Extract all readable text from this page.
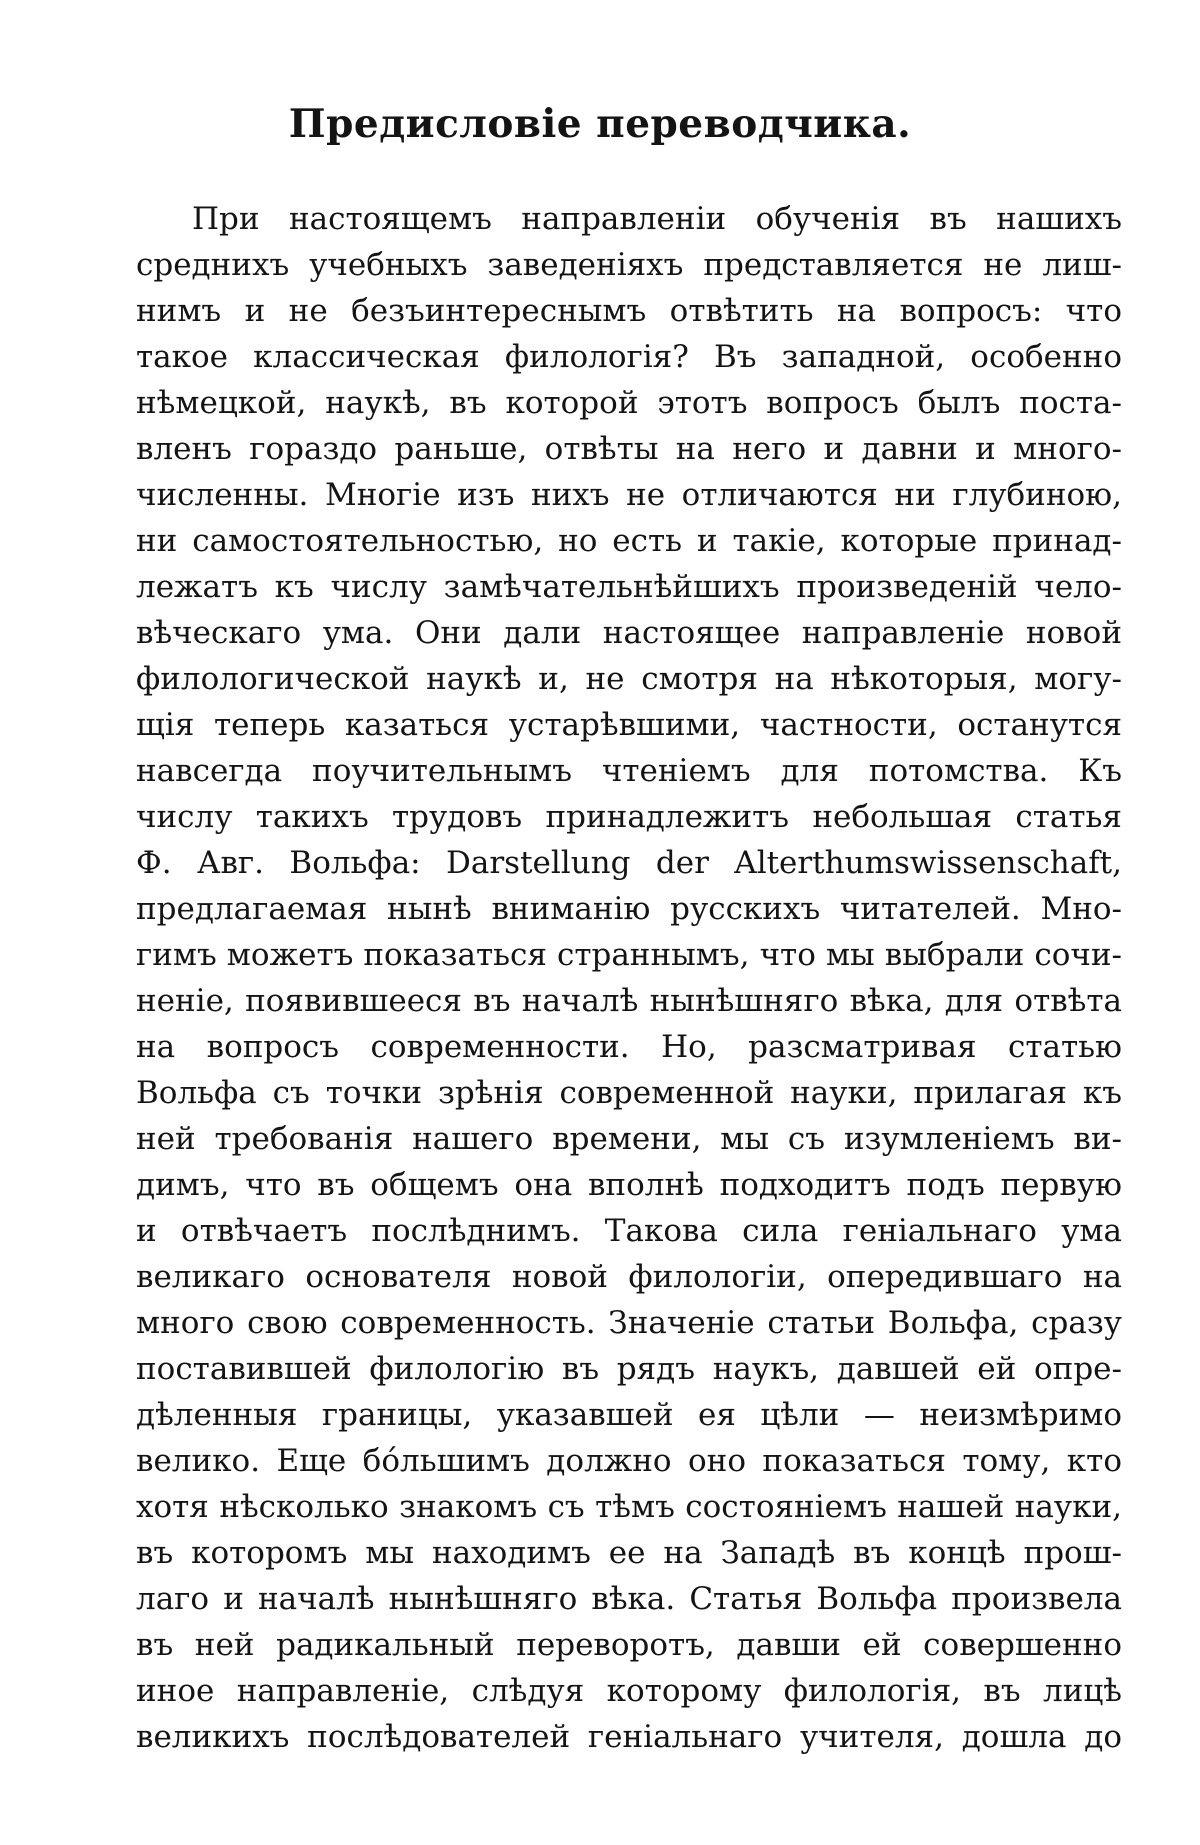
Предисловіе переводчика.
При настоящемъ направленіи обученія въ нашихъ
среднихъ учебныхъ заведеніяхъ представляется не лиш-
нимъ и не безъинтереснымъ отвѣтить на вопросъ: что
такое классическая филологія? Въ западной, особенно
нѣмецкой, наукѣ, въ которой этотъ вопросъ былъ поста-
вленъ гораздо раньше, отвѣты на него и давни и много-
численны. Многіе изъ нихъ не отличаются ни глубиною,
ни самостоятельностью, но есть и такіе, которые принад-
лежатъ къ числу замѣчательнѣйшихъ произведеній чело-
вѣческаго ума. Они дали настоящее направленіе новой
филологической наукѣ и, не смотря на нѣкоторыя, могу-
щія теперь казаться устарѣвшими, частности, останутся
навсегда поучительнымъ чтеніемъ для потомства. Къ
числу такихъ трудовъ принадлежитъ небольшая статья
Ф. Авг. Вольфа: Darstellung der Alterthumswissenschaft,
предлагаемая нынѣ вниманію русскихъ читателей. Мно-
гимъ можетъ показаться страннымъ, что мы выбрали сочи-
неніе, появившееся въ началѣ нынѣшняго вѣка, для отвѣта
на вопросъ современности. Но, разсматривая статью
Вольфа съ точки зрѣнія современной науки, прилагая къ
ней требованія нашего времени, мы съ изумленіемъ ви-
димъ, что въ общемъ она вполнѣ подходитъ подъ первую
и отвѣчаетъ послѣднимъ. Такова сила геніальнаго ума
великаго основателя новой филологіи, опередившаго на
много свою современность. Значеніе статьи Вольфа, сразу
поставившей филологію въ рядъ наукъ, давшей ей опре-
дѣленныя границы, указавшей ея цѣли — неизмѣримо
велико. Еще бо́льшимъ должно оно показаться тому, кто
хотя нѣсколько знакомъ съ тѣмъ состояніемъ нашей науки,
въ которомъ мы находимъ ее на Западѣ въ концѣ прош-
лаго и началѣ нынѣшняго вѣка. Статья Вольфа произвела
въ ней радикальный переворотъ, давши ей совершенно
иное направленіе, слѣдуя которому филологія, въ лицѣ
великихъ послѣдователей геніальнаго учителя, дошла до
